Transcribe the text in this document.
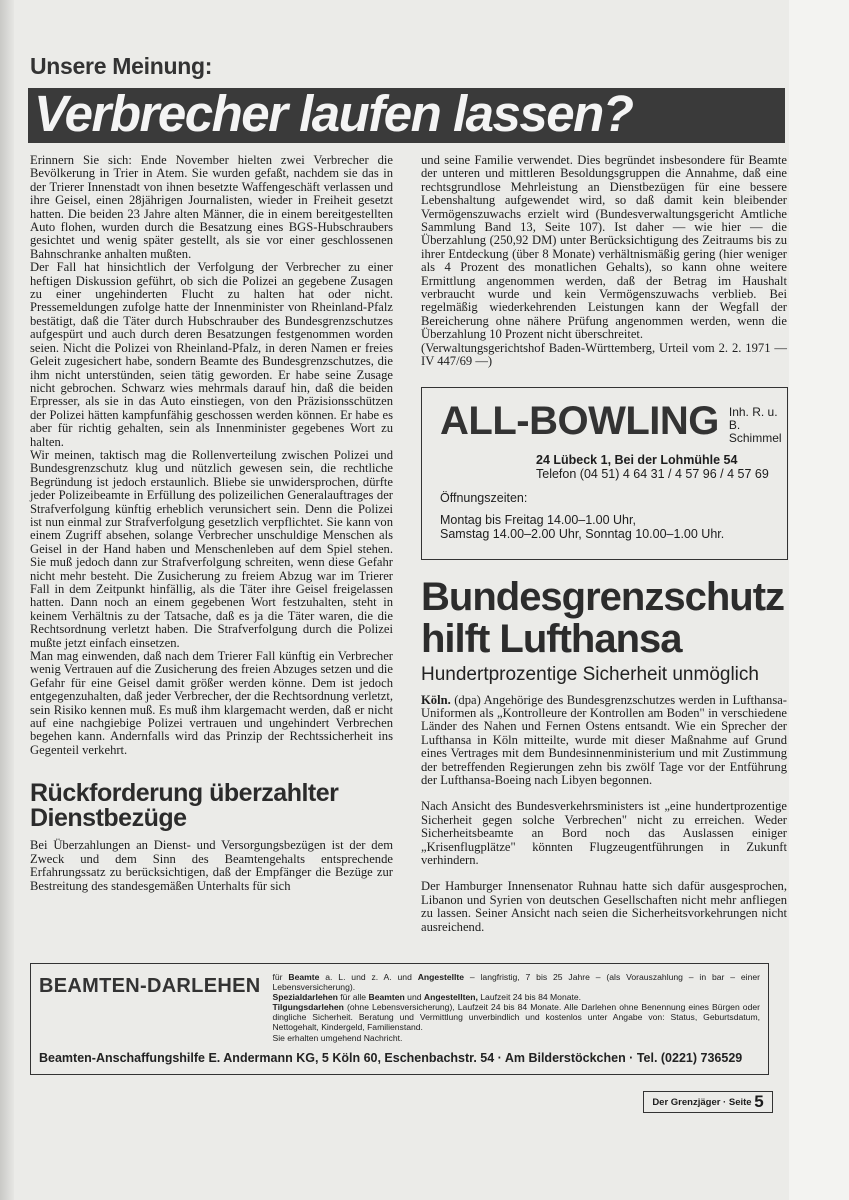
Unsere Meinung:
Verbrecher laufen lassen?

Erinnern Sie sich: Ende November hielten zwei Verbrecher die Bevölkerung in Trier in Atem. Sie wurden gefaßt, nachdem sie das in der Trierer Innenstadt von ihnen besetzte Waffengeschäft verlassen und ihre Geisel, einen 28jährigen Journalisten, wieder in Freiheit gesetzt hatten. Die beiden 23 Jahre alten Männer, die in einem bereitgestellten Auto flohen, wurden durch die Besatzung eines BGS-Hubschraubers gesichtet und wenig später gestellt, als sie vor einer geschlossenen Bahnschranke anhalten mußten.

Der Fall hat hinsichtlich der Verfolgung der Verbrecher zu einer heftigen Diskussion geführt, ob sich die Polizei an gegebene Zusagen zu einer ungehinderten Flucht zu halten hat oder nicht. Pressemeldungen zufolge hatte der Innenminister von Rheinland-Pfalz bestätigt, daß die Täter durch Hubschrauber des Bundesgrenzschutzes aufgespürt und auch durch deren Besatzungen festgenommen worden seien. Nicht die Polizei von Rheinland-Pfalz, in deren Namen er freies Geleit zugesichert habe, sondern Beamte des Bundesgrenzschutzes, die ihm nicht unterstünden, seien tätig geworden. Er habe seine Zusage nicht gebrochen. Schwarz wies mehrmals darauf hin, daß die beiden Erpresser, als sie in das Auto einstiegen, von den Präzisionsschützen der Polizei hätten kampfunfähig geschossen werden können. Er habe es aber für richtig gehalten, sein als Innenminister gegebenes Wort zu halten.

Wir meinen, taktisch mag die Rollenverteilung zwischen Polizei und Bundesgrenzschutz klug und nützlich gewesen sein, die rechtliche Begründung ist jedoch erstaunlich. Bliebe sie unwidersprochen, dürfte jeder Polizeibeamte in Erfüllung des polizeilichen Generalauftrages der Strafverfolgung künftig erheblich verunsichert sein. Denn die Polizei ist nun einmal zur Strafverfolgung gesetzlich verpflichtet. Sie kann von einem Zugriff absehen, solange Verbrecher unschuldige Menschen als Geisel in der Hand haben und Menschenleben auf dem Spiel stehen. Sie muß jedoch dann zur Strafverfolgung schreiten, wenn diese Gefahr nicht mehr besteht. Die Zusicherung zu freiem Abzug war im Trierer Fall in dem Zeitpunkt hinfällig, als die Täter ihre Geisel freigelassen hatten. Dann noch an einem gegebenen Wort festzuhalten, steht in keinem Verhältnis zu der Tatsache, daß es ja die Täter waren, die die Rechtsordnung verletzt haben. Die Strafverfolgung durch die Polizei mußte jetzt einfach einsetzen.

Man mag einwenden, daß nach dem Trierer Fall künftig ein Verbrecher wenig Vertrauen auf die Zusicherung des freien Abzuges setzen und die Gefahr für eine Geisel damit größer werden könne. Dem ist jedoch entgegenzuhalten, daß jeder Verbrecher, der die Rechtsordnung verletzt, sein Risiko kennen muß. Es muß ihm klargemacht werden, daß er nicht auf eine nachgiebige Polizei vertrauen und ungehindert Verbrechen begehen kann. Andernfalls wird das Prinzip der Rechtssicherheit ins Gegenteil verkehrt.

Rückforderung überzahlter Dienstbezüge

Bei Überzahlungen an Dienst- und Versorgungsbezügen ist der dem Zweck und dem Sinn des Beamtengehalts entsprechende Erfahrungssatz zu berücksichtigen, daß der Empfänger die Bezüge zur Bestreitung des standesgemäßen Unterhalts für sich

und seine Familie verwendet. Dies begründet insbesondere für Beamte der unteren und mittleren Besoldungsgruppen die Annahme, daß eine rechtsgrundlose Mehrleistung an Dienstbezügen für eine bessere Lebenshaltung aufgewendet wird, so daß damit kein bleibender Vermögenszuwachs erzielt wird (Bundesverwaltungsgericht Amtliche Sammlung Band 13, Seite 107). Ist daher — wie hier — die Überzahlung (250,92 DM) unter Berücksichtigung des Zeitraums bis zu ihrer Entdeckung (über 8 Monate) verhältnismäßig gering (hier weniger als 4 Prozent des monatlichen Gehalts), so kann ohne weitere Ermittlung angenommen werden, daß der Betrag im Haushalt verbraucht wurde und kein Vermögenszuwachs verblieb. Bei regelmäßig wiederkehrenden Leistungen kann der Wegfall der Bereicherung ohne nähere Prüfung angenommen werden, wenn die Überzahlung 10 Prozent nicht überschreitet.

(Verwaltungsgerichtshof Baden-Württemberg, Urteil vom 2. 2. 1971 — IV 447/69 —)

ALL-BOWLING Inh. R. u. B.
Schimmel
24 Lübeck 1, Bei der Lohmühle 54
Telefon (04 51) 4 64 31 / 4 57 96 / 4 57 69
Öffnungszeiten:
Montag bis Freitag 14.00–1.00 Uhr,
Samstag 14.00–2.00 Uhr, Sonntag 10.00–1.00 Uhr.
Bundesgrenzschutz
hilft Lufthansa
Hundertprozentige Sicherheit unmöglich

Köln. (dpa) Angehörige des Bundesgrenzschutzes werden in Lufthansa-Uniformen als „Kontrolleure der Kontrollen am Boden" in verschiedene Länder des Nahen und Fernen Ostens entsandt. Wie ein Sprecher der Lufthansa in Köln mitteilte, wurde mit dieser Maßnahme auf Grund eines Vertrages mit dem Bundesinnenministerium und mit Zustimmung der betreffenden Regierungen zehn bis zwölf Tage vor der Entführung der Lufthansa-Boeing nach Libyen begonnen.

Nach Ansicht des Bundesverkehrsministers ist „eine hundertprozentige Sicherheit gegen solche Verbrechen" nicht zu erreichen. Weder Sicherheitsbeamte an Bord noch das Auslassen einiger „Krisenflugplätze" könnten Flugzeugentführungen in Zukunft verhindern.

Der Hamburger Innensenator Ruhnau hatte sich dafür ausgesprochen, Libanon und Syrien von deutschen Gesellschaften nicht mehr anfliegen zu lassen. Seiner Ansicht nach seien die Sicherheitsvorkehrungen nicht ausreichend.

BEAMTEN-DARLEHEN für Beamte a. L. und z. A. und Angestellte – langfristig, 7 bis 25 Jahre – (als Vorauszahlung – in bar – einer Lebensversicherung).
Spezialdarlehen für alle Beamten und Angestellten, Laufzeit 24 bis 84 Monate.
Tilgungsdarlehen (ohne Lebensversicherung), Laufzeit 24 bis 84 Monate. Alle Darlehen ohne Benennung eines Bürgen oder dingliche Sicherheit. Beratung und Vermittlung unverbindlich und kostenlos unter Angabe von: Status, Geburtsdatum, Nettogehalt, Kindergeld, Familienstand.
Sie erhalten umgehend Nachricht.
Beamten-Anschaffungshilfe E. Andermann KG, 5 Köln 60, Eschenbachstr. 54 · Am Bilderstöckchen · Tel. (0221) 736529
Der Grenzjäger · Seite 5
